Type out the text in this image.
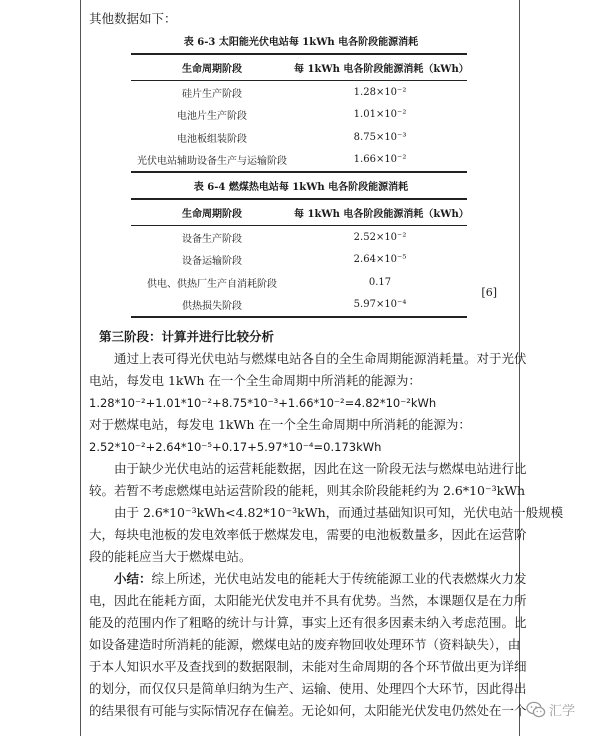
其他数据如下：
表 6-3 太阳能光伏电站每 1kWh 电各阶段能源消耗
生命周期阶段	每 1kWh 电各阶段能源消耗（kWh）
硅片生产阶段	1.28×10⁻²
电池片生产阶段	1.01×10⁻²
电池板组装阶段	8.75×10⁻³
光伏电站辅助设备生产与运输阶段	1.66×10⁻²
表 6-4 燃煤热电站每 1kWh 电各阶段能源消耗
生命周期阶段	每 1kWh 电各阶段能源消耗（kWh）
设备生产阶段	2.52×10⁻²
设备运输阶段	2.64×10⁻⁵
供电、供热厂生产自消耗阶段	0.17
供热损失阶段	5.97×10⁻⁴
[6]
第三阶段：计算并进行比较分析
通过上表可得光伏电站与燃煤电站各自的全生命周期能源消耗量。对于光伏
电站，每发电 1kWh 在一个全生命周期中所消耗的能源为：
1.28*10⁻²+1.01*10⁻²+8.75*10⁻³+1.66*10⁻²=4.82*10⁻²kWh
对于燃煤电站，每发电 1kWh 在一个全生命周期中所消耗的能源为：
2.52*10⁻²+2.64*10⁻⁵+0.17+5.97*10⁻⁴=0.173kWh
由于缺少光伏电站的运营耗能数据，因此在这一阶段无法与燃煤电站进行比
较。若暂不考虑燃煤电站运营阶段的能耗，则其余阶段能耗约为 2.6*10⁻³kWh
由于 2.6*10⁻³kWh<4.82*10⁻³kWh，而通过基础知识可知，光伏电站一般规模
大，每块电池板的发电效率低于燃煤发电，需要的电池板数量多，因此在运营阶
段的能耗应当大于燃煤电站。
小结：综上所述，光伏电站发电的能耗大于传统能源工业的代表燃煤火力发
电，因此在能耗方面，太阳能光伏发电并不具有优势。当然，本课题仅是在力所
能及的范围内作了粗略的统计与计算，事实上还有很多因素未纳入考虑范围。比
如设备建造时所消耗的能源，燃煤电站的废弃物回收处理环节（资料缺失），由
于本人知识水平及查找到的数据限制，未能对生命周期的各个环节做出更为详细
的划分，而仅仅只是简单归纳为生产、运输、使用、处理四个大环节，因此得出
的结果很有可能与实际情况存在偏差。无论如何，太阳能光伏发电仍然处在一个 汇学
